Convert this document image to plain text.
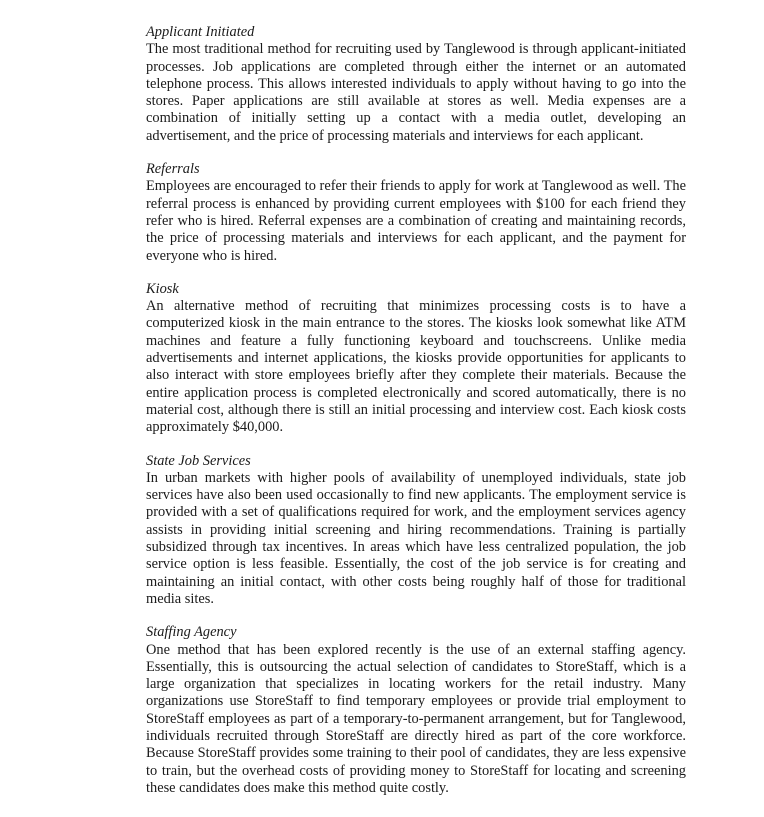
Applicant Initiated

The most traditional method for recruiting used by Tanglewood is through applicant-initiated processes. Job applications are completed through either the internet or an automated telephone process. This allows interested individuals to apply without having to go into the stores. Paper applications are still available at stores as well. Media expenses are a combination of initially setting up a contact with a media outlet, developing an advertisement, and the price of processing materials and interviews for each applicant.

Referrals

Employees are encouraged to refer their friends to apply for work at Tanglewood as well. The referral process is enhanced by providing current employees with $100 for each friend they refer who is hired. Referral expenses are a combination of creating and maintaining records, the price of processing materials and interviews for each applicant, and the payment for everyone who is hired.

Kiosk

An alternative method of recruiting that minimizes processing costs is to have a computerized kiosk in the main entrance to the stores. The kiosks look somewhat like ATM machines and feature a fully functioning keyboard and touchscreens. Unlike media advertisements and internet applications, the kiosks provide opportunities for applicants to also interact with store employees briefly after they complete their materials. Because the entire application process is completed electronically and scored automatically, there is no material cost, although there is still an initial processing and interview cost. Each kiosk costs approximately $40,000.

State Job Services

In urban markets with higher pools of availability of unemployed individuals, state job services have also been used occasionally to find new applicants. The employment service is provided with a set of qualifications required for work, and the employment services agency assists in providing initial screening and hiring recommendations. Training is partially subsidized through tax incentives. In areas which have less centralized population, the job service option is less feasible. Essentially, the cost of the job service is for creating and maintaining an initial contact, with other costs being roughly half of those for traditional media sites.

Staffing Agency

One method that has been explored recently is the use of an external staffing agency. Essentially, this is outsourcing the actual selection of candidates to StoreStaff, which is a large organization that specializes in locating workers for the retail industry. Many organizations use StoreStaff to find temporary employees or provide trial employment to StoreStaff employees as part of a temporary-to-permanent arrangement, but for Tanglewood, individuals recruited through StoreStaff are directly hired as part of the core workforce. Because StoreStaff provides some training to their pool of candidates, they are less expensive to train, but the overhead costs of providing money to StoreStaff for locating and screening these candidates does make this method quite costly.
